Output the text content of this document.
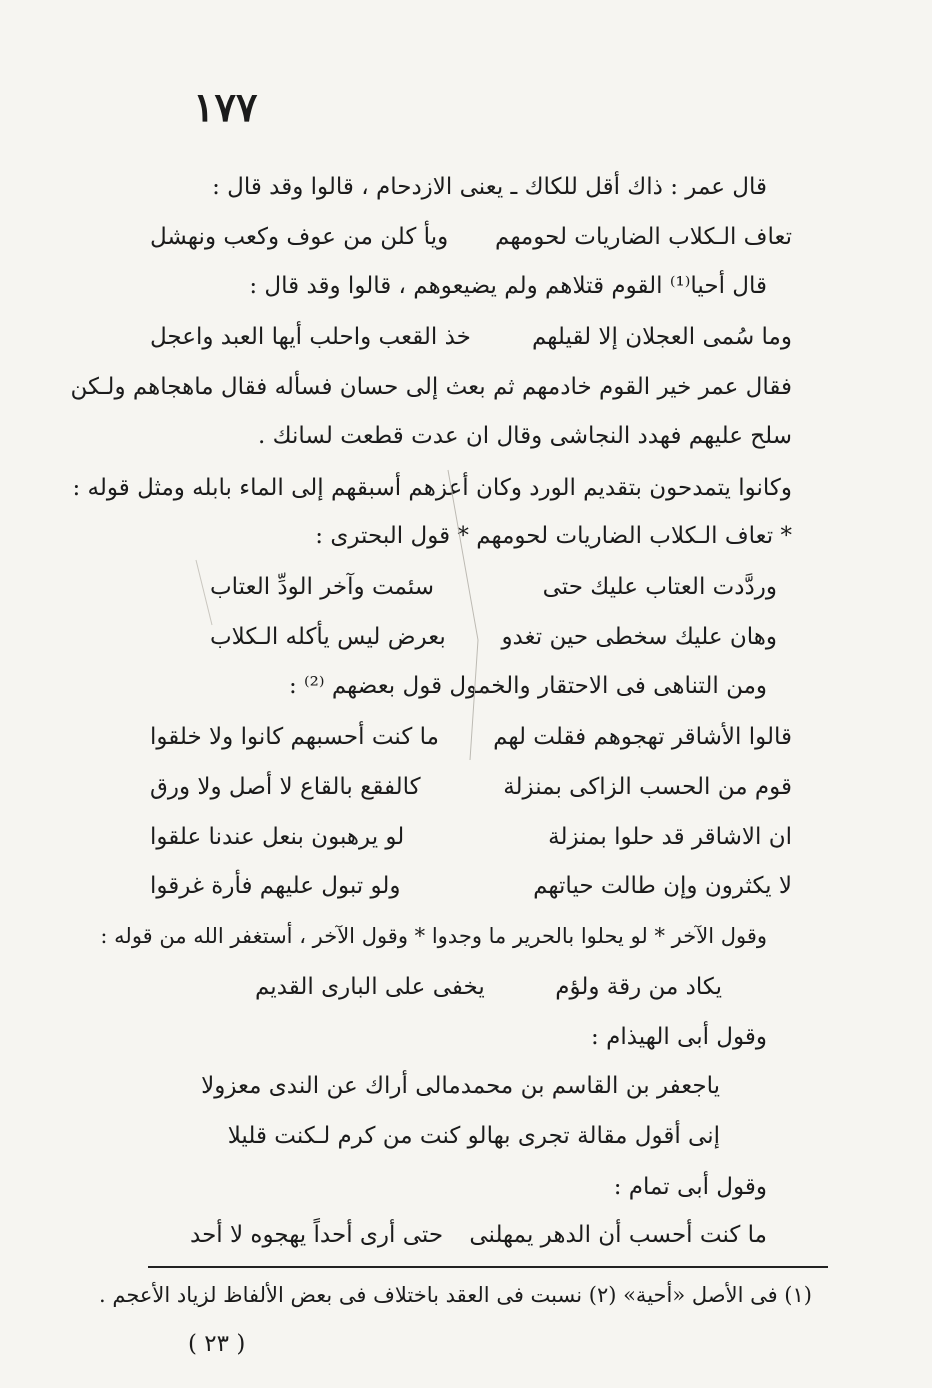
١٧٧
قال عمر : ذاك أقل للكاك ـ يعنى الازدحام ، قالوا وقد قال :
تعاف الـكلاب الضاريات لحومهم
ويأ كلن من عوف وكعب ونهشل
قال أحيا⁽¹⁾ القوم قتلاهم ولم يضيعوهم ، قالوا وقد قال :
وما سُمى العجلان إلا لقيلهم
خذ القعب واحلب أيها العبد واعجل
فقال عمر خير القوم خادمهم ثم بعث إلى حسان فسأله فقال ماهجاهم ولـكن
سلح عليهم فهدد النجاشى وقال ان عدت قطعت لسانك .
وكانوا يتمدحون بتقديم الورد وكان أعزهم أسبقهم إلى الماء بابله ومثل قوله :
* تعاف الـكلاب الضاريات لحومهم * قول البحترى :
وردَّدت العتاب عليك حتى
سئمت وآخر الودِّ العتاب
وهان عليك سخطى حين تغدو
بعرض ليس يأكله الـكلاب
ومن التناهى فى الاحتقار والخمول قول بعضهم ⁽²⁾ :
قالوا الأشاقر تهجوهم فقلت لهم
ما كنت أحسبهم كانوا ولا خلقوا
قوم من الحسب الزاكى بمنزلة
كالفقع بالقاع لا أصل ولا ورق
ان الاشاقر قد حلوا بمنزلة
لو يرهبون بنعل عندنا علقوا
لا يكثرون وإن طالت حياتهم
ولو تبول عليهم فأرة غرقوا
وقول الآخر * لو يحلوا بالحرير ما وجدوا * وقول الآخر ، أستغفر الله من قوله :
يكاد من رقة ولؤم
يخفى على البارى القديم
وقول أبى الهيذام :
ياجعفر بن القاسم بن محمد
مالى أراك عن الندى معزولا
إنى أقول مقالة تجرى بها
لو كنت من كرم لـكنت قليلا
وقول أبى تمام :
ما كنت أحسب أن الدهر يمهلنى
حتى أرى أحداً يهجوه لا أحد
(١) فى الأصل «أحية» (٢) نسبت فى العقد باختلاف فى بعض الألفاظ لزياد الأعجم .
( ٢٣ )
